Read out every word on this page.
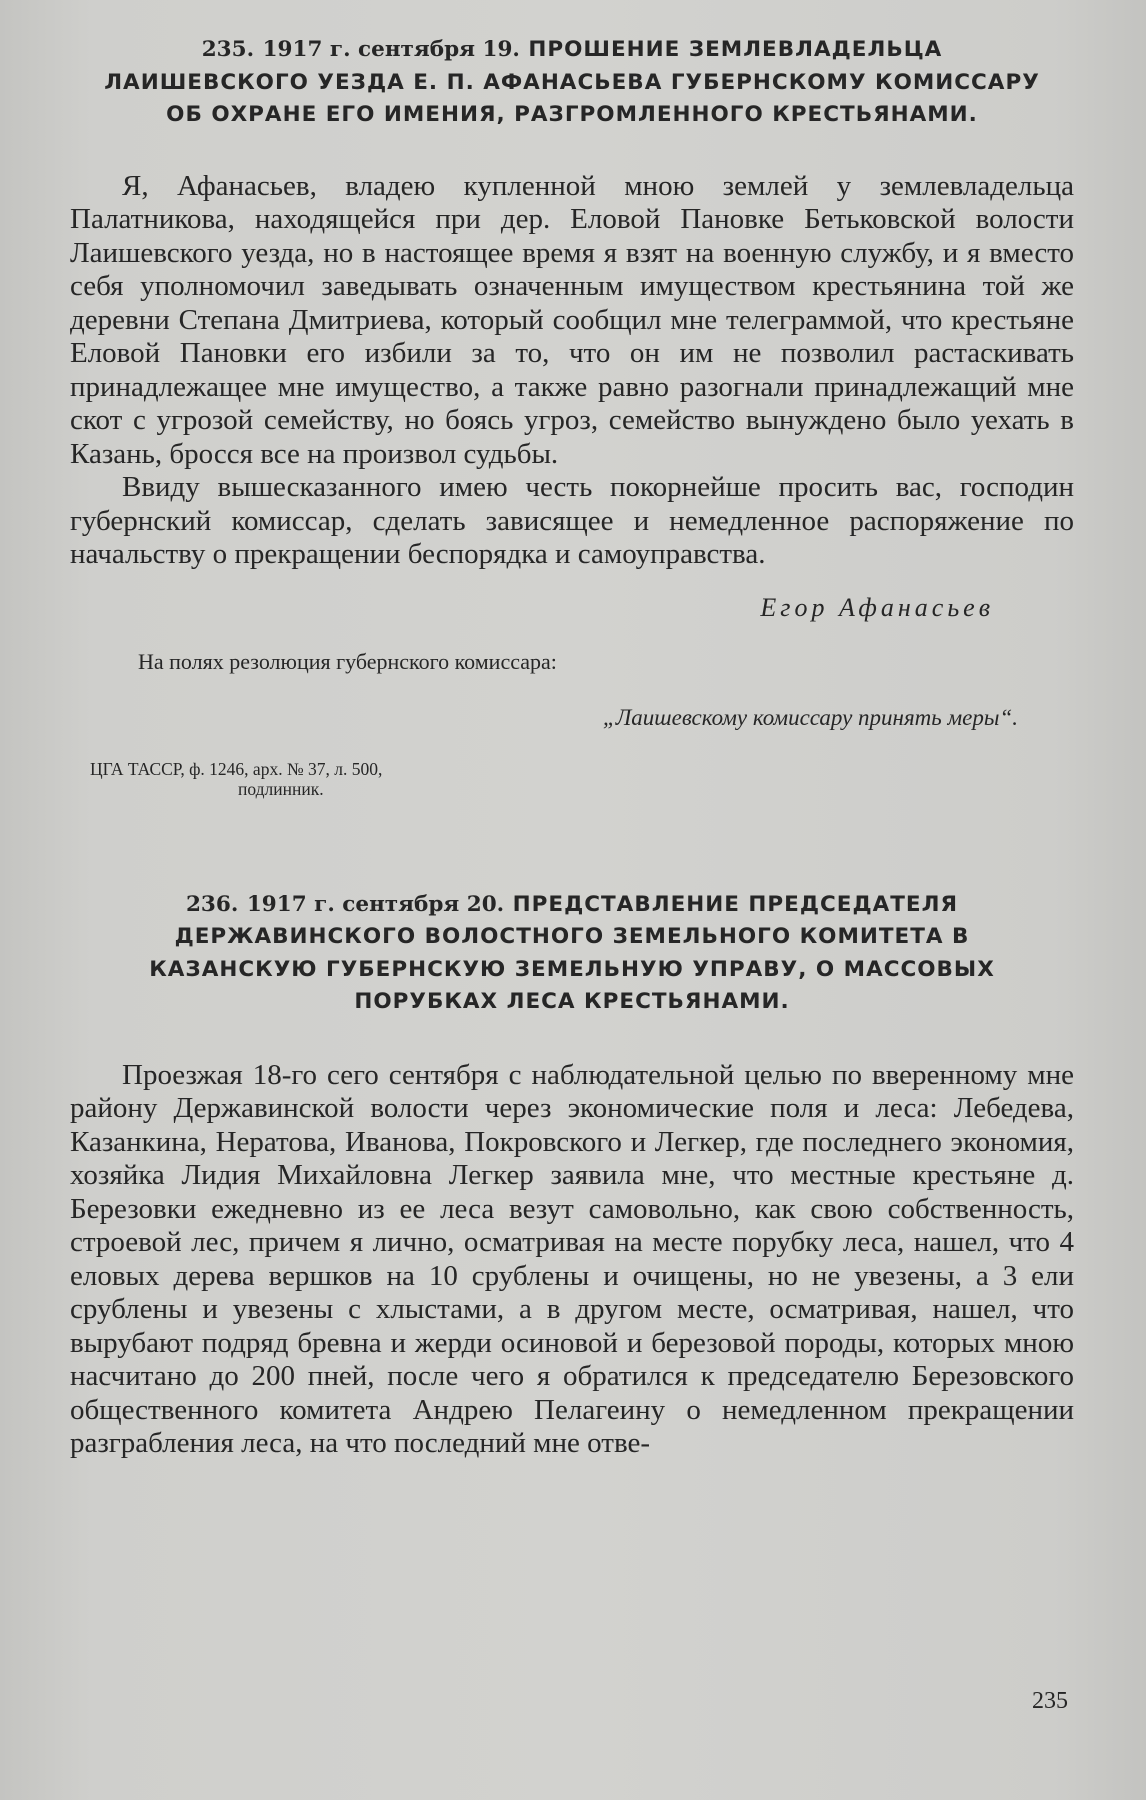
235. 1917 г. сентября 19. ПРОШЕНИЕ ЗЕМЛЕВЛАДЕЛЬЦА ЛАИШЕВСКОГО УЕЗДА Е. П. АФАНАСЬЕВА ГУБЕРНСКОМУ КОМИССАРУ ОБ ОХРАНЕ ЕГО ИМЕНИЯ, РАЗГРОМЛЕННОГО КРЕСТЬЯНАМИ.

Я, Афанасьев, владею купленной мною землей у землевладельца Палатникова, находящейся при дер. Еловой Пановке Бетьковской волости Лаишевского уезда, но в настоящее время я взят на военную службу, и я вместо себя уполномочил заведывать означенным имуществом крестьянина той же деревни Степана Дмитриева, который сообщил мне телеграммой, что крестьяне Еловой Пановки его избили за то, что он им не позволил растаскивать принадлежащее мне имущество, а также равно разогнали принадлежащий мне скот с угрозой семейству, но боясь угроз, семейство вынуждено было уехать в Казань, бросся все на произвол судьбы.

Ввиду вышесказанного имею честь покорнейше просить вас, господин губернский комиссар, сделать зависящее и немедленное распоряжение по начальству о прекращении беспорядка и самоуправства.

Егор Афанасьев
На полях резолюция губернского комиссара:
„Лаишевскому комиссару принять меры“.
ЦГА ТАССР, ф. 1246, арх. № 37, л. 500,
подлинник.
236. 1917 г. сентября 20. ПРЕДСТАВЛЕНИЕ ПРЕДСЕДАТЕЛЯ ДЕРЖАВИНСКОГО ВОЛОСТНОГО ЗЕМЕЛЬНОГО КОМИТЕТА В КАЗАНСКУЮ ГУБЕРНСКУЮ ЗЕМЕЛЬНУЮ УПРАВУ, О МАССОВЫХ ПОРУБКАХ ЛЕСА КРЕСТЬЯНАМИ.

Проезжая 18-го сего сентября с наблюдательной целью по вверенному мне району Державинской волости через экономические поля и леса: Лебедева, Казанкина, Нератова, Иванова, Покровского и Легкер, где последнего экономия, хозяйка Лидия Михайловна Легкер заявила мне, что местные крестьяне д. Березовки ежедневно из ее леса везут самовольно, как свою собственность, строевой лес, причем я лично, осматривая на месте порубку леса, нашел, что 4 еловых дерева вершков на 10 срублены и очищены, но не увезены, а 3 ели срублены и увезены с хлыстами, а в другом месте, осматривая, нашел, что вырубают подряд бревна и жерди осиновой и березовой породы, которых мною насчитано до 200 пней, после чего я обратился к председателю Березовского общественного комитета Андрею Пелагеину о немедленном прекращении разграбления леса, на что последний мне отве-

235
